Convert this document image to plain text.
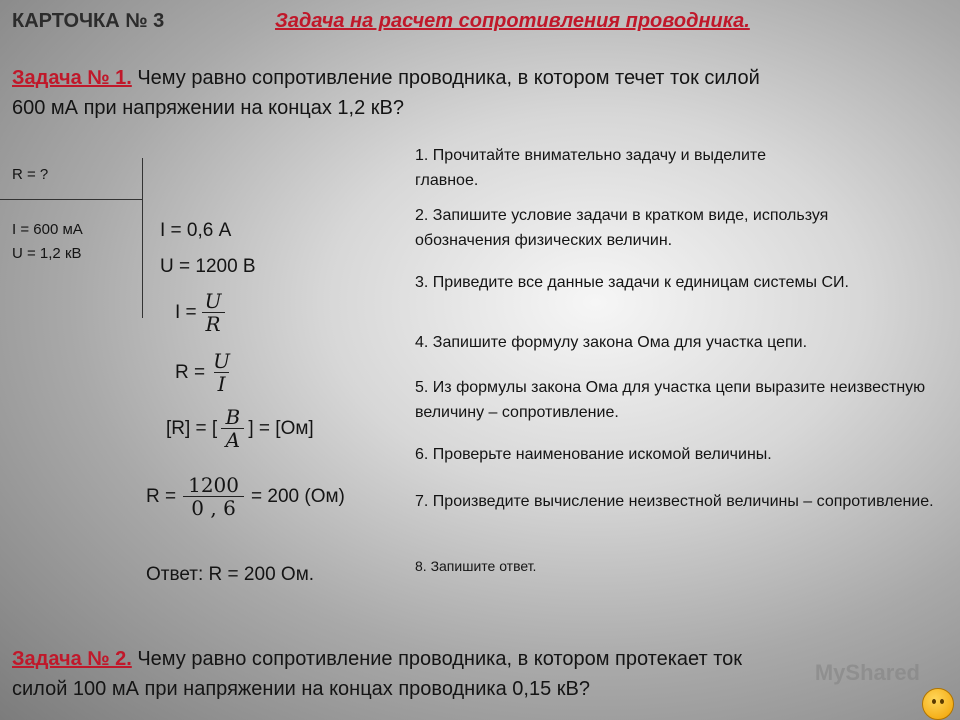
КАРТОЧКА № 3	Задача на расчет сопротивления проводника.
Задача № 1. Чему равно сопротивление проводника, в котором течет ток силой
600 мА при напряжении на концах 1,2 кВ?
R = ?
I = 600 мА
U = 1,2 кВ
I = 0,6 А
U = 1200 В
$I = \frac{U}{R}$
$R = \frac{U}{I}$
[R] = [ $\frac{В}{А}$ ] = [Ом]
$R = \frac{1200}{0 , 6} = 200$ (Ом)
Ответ: R = 200 Ом.
1. Прочитайте внимательно задачу и выделите главное.
2. Запишите условие задачи в кратком виде, используя обозначения физических величин.
3. Приведите все данные задачи к единицам системы СИ.
4. Запишите формулу закона Ома для участка цепи.
5. Из формулы закона Ома для участка цепи выразите неизвестную величину – сопротивление.
6. Проверьте наименование искомой величины.
7. Произведите вычисление неизвестной величины – сопротивление.
8. Запишите ответ.
Задача № 2. Чему равно сопротивление проводника, в котором протекает ток
силой 100 мА при напряжении на концах проводника 0,15 кВ?
MyShared
